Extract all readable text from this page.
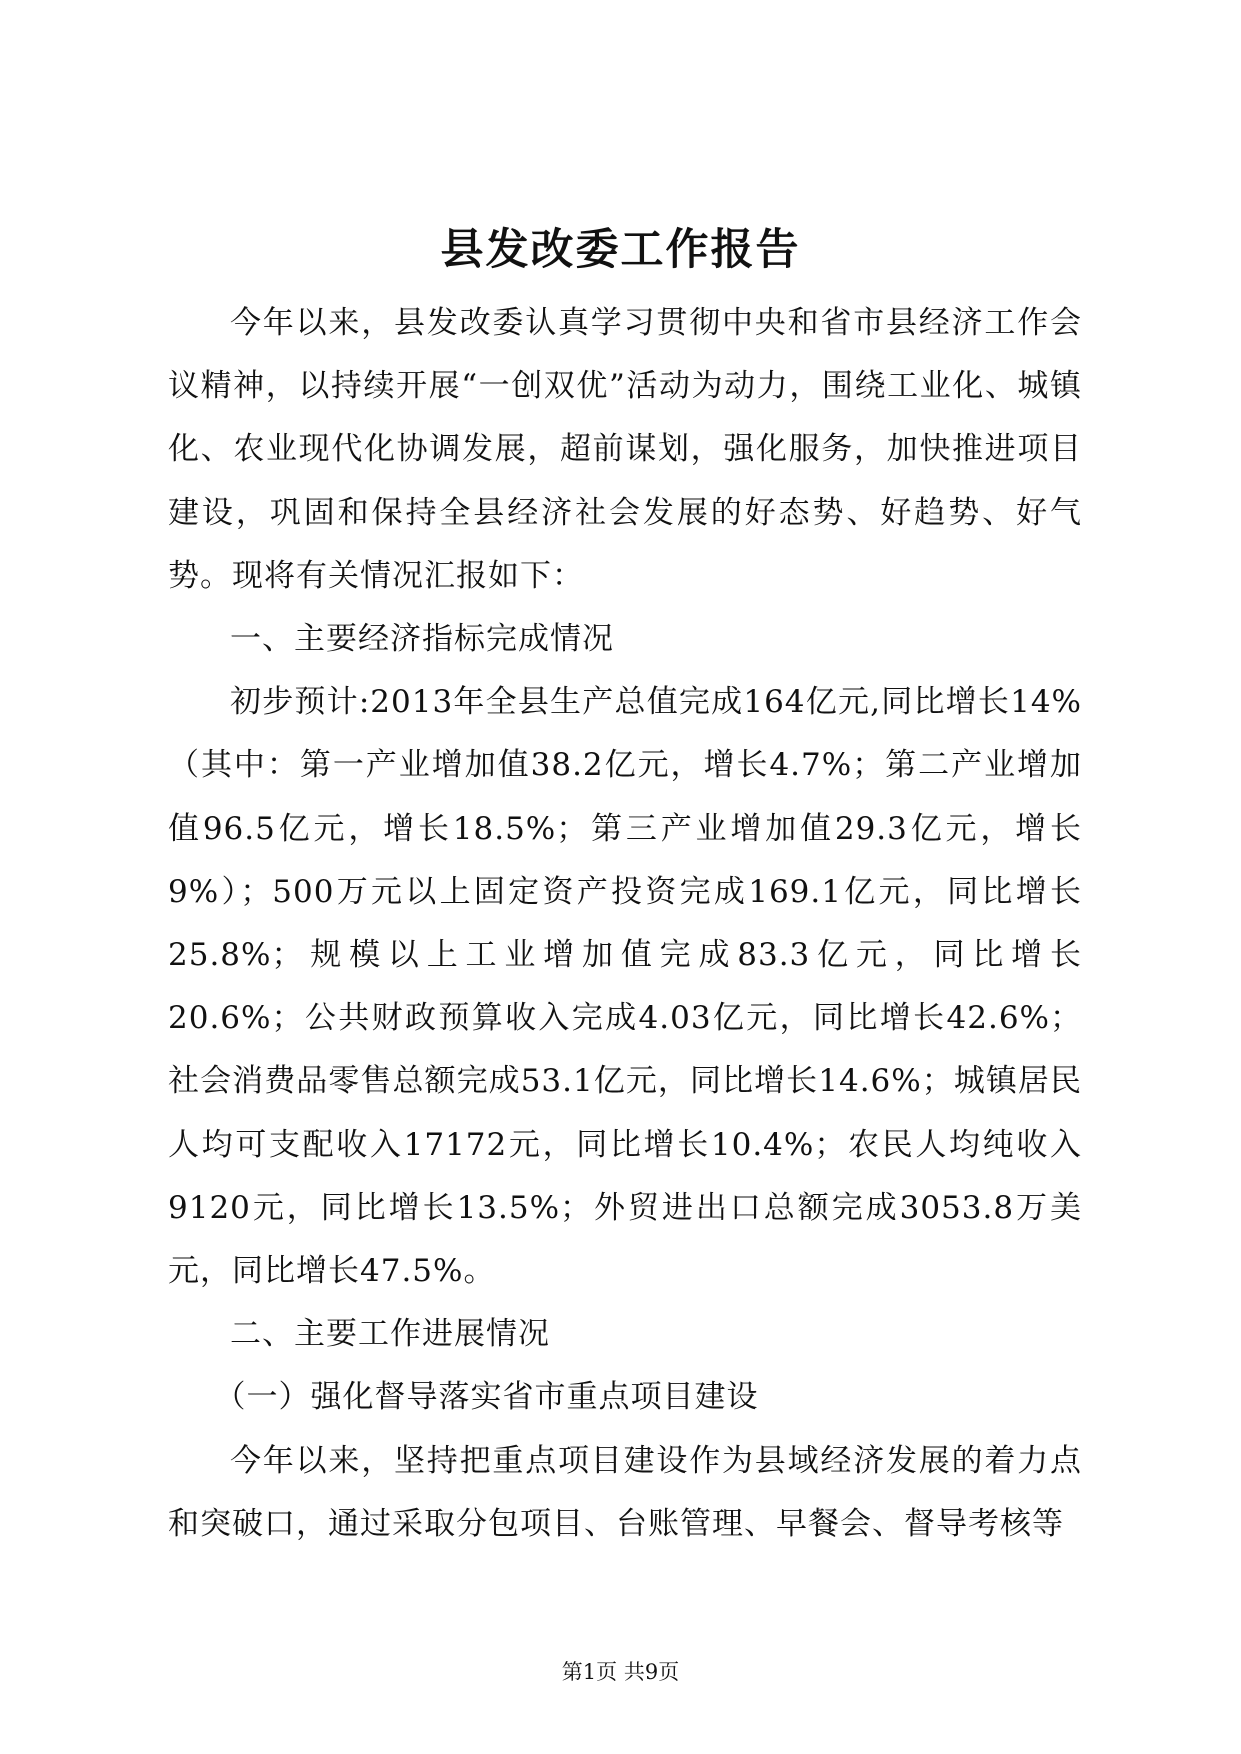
县发改委工作报告

今年以来，县发改委认真学习贯彻中央和省市县经济工作会议精神，以持续开展“一创双优”活动为动力，围绕工业化、城镇化、农业现代化协调发展，超前谋划，强化服务，加快推进项目建设，巩固和保持全县经济社会发展的好态势、好趋势、好气势。现将有关情况汇报如下：

一、主要经济指标完成情况

初步预计:2013年全县生产总值完成164亿元,同比增长14%（其中：第一产业增加值38.2亿元，增长4.7%；第二产业增加值96.5亿元，增长18.5%；第三产业增加值29.3亿元，增长9%）；500万元以上固定资产投资完成169.1亿元，同比增长25.8%；规模以上工业增加值完成83.3亿元，同比增长20.6%；公共财政预算收入完成4.03亿元，同比增长42.6%；社会消费品零售总额完成53.1亿元，同比增长14.6%；城镇居民人均可支配收入17172元，同比增长10.4%；农民人均纯收入9120元，同比增长13.5%；外贸进出口总额完成3053.8万美元，同比增长47.5%。

二、主要工作进展情况

（一）强化督导落实省市重点项目建设

今年以来，坚持把重点项目建设作为县域经济发展的着力点和突破口，通过采取分包项目、台账管理、早餐会、督导考核等

第1页 共9页
